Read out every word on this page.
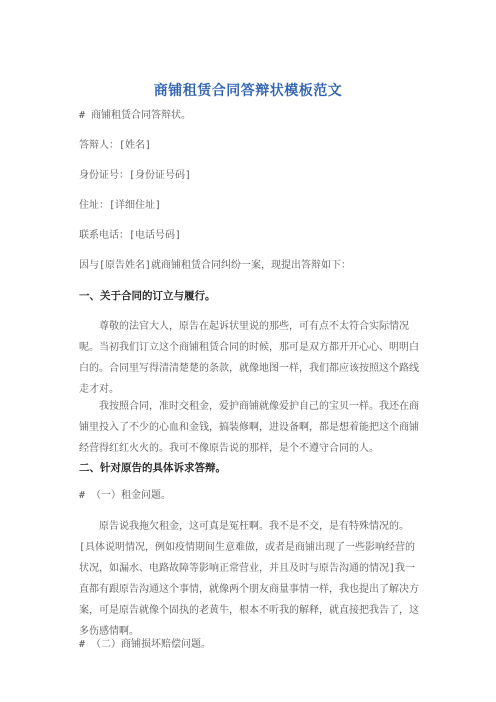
商铺租赁合同答辩状模板范文
# 商铺租赁合同答辩状。
答辩人：[姓名]
身份证号：[身份证号码]
住址：[详细住址]
联系电话：[电话号码]
因与[原告姓名]就商铺租赁合同纠纷一案，现提出答辩如下：
一、关于合同的订立与履行。

尊敬的法官大人，原告在起诉状里说的那些，可有点不太符合实际情况呢。当初我们订立这个商铺租赁合同的时候，那可是双方都开开心心、明明白白的。合同里写得清清楚楚的条款，就像地图一样，我们都应该按照这个路线走才对。

我按照合同，准时交租金，爱护商铺就像爱护自己的宝贝一样。我还在商铺里投入了不少的心血和金钱，搞装修啊，进设备啊，都是想着能把这个商铺经营得红红火火的。我可不像原告说的那样，是个不遵守合同的人。

二、针对原告的具体诉求答辩。
# （一）租金问题。

原告说我拖欠租金，这可真是冤枉啊。我不是不交，是有特殊情况的。[具体说明情况，例如疫情期间生意难做，或者是商铺出现了一些影响经营的状况，如漏水、电路故障等影响正常营业，并且及时与原告沟通的情况]我一直都有跟原告沟通这个事情，就像两个朋友商量事情一样，我也提出了解决方案，可是原告就像个固执的老黄牛，根本不听我的解释，就直接把我告了，这多伤感情啊。

# （二）商铺损坏赔偿问题。
